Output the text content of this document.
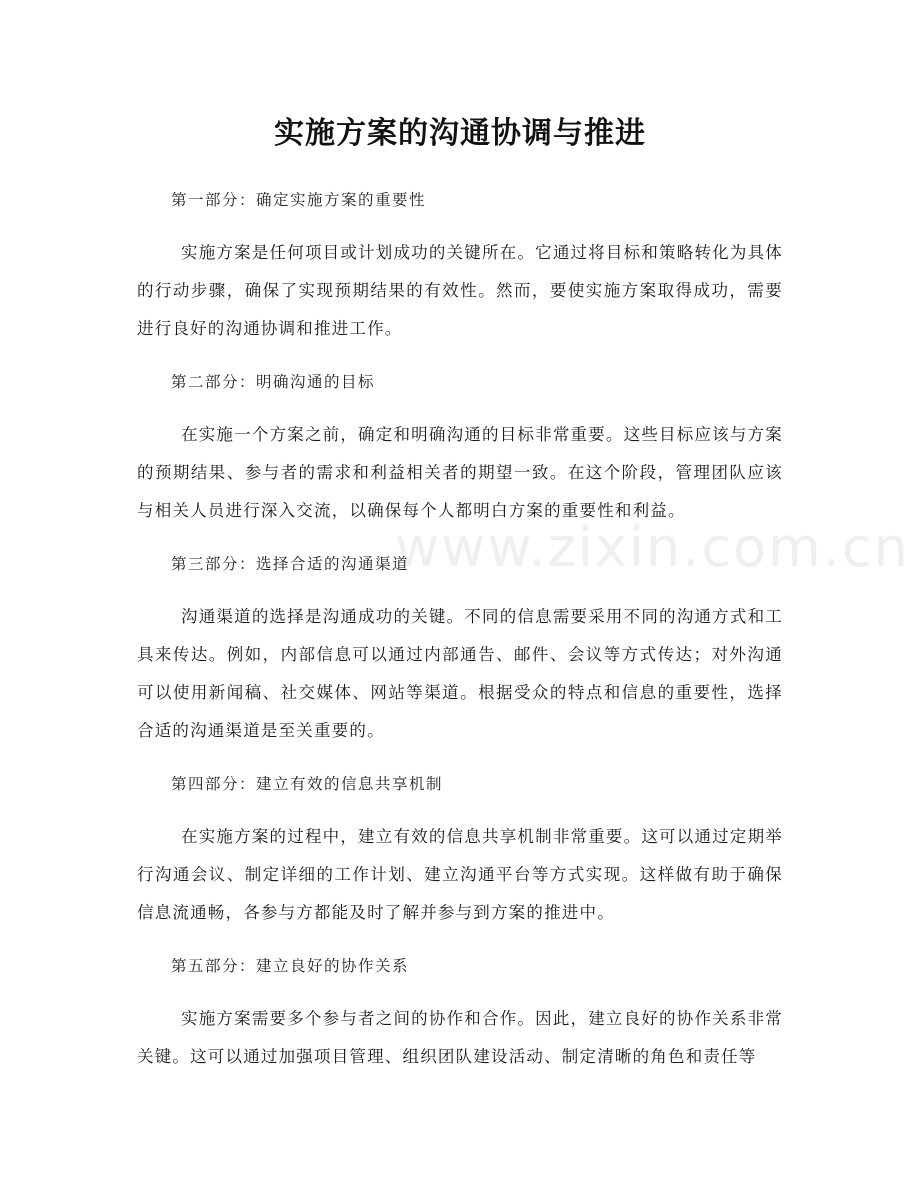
实施方案的沟通协调与推进
www.zixin.com.cn
第一部分：确定实施方案的重要性

实施方案是任何项目或计划成功的关键所在。它通过将目标和策略转化为具体的行动步骤，确保了实现预期结果的有效性。然而，要使实施方案取得成功，需要进行良好的沟通协调和推进工作。

第二部分：明确沟通的目标

在实施一个方案之前，确定和明确沟通的目标非常重要。这些目标应该与方案的预期结果、参与者的需求和利益相关者的期望一致。在这个阶段，管理团队应该与相关人员进行深入交流，以确保每个人都明白方案的重要性和利益。

第三部分：选择合适的沟通渠道

沟通渠道的选择是沟通成功的关键。不同的信息需要采用不同的沟通方式和工具来传达。例如，内部信息可以通过内部通告、邮件、会议等方式传达；对外沟通可以使用新闻稿、社交媒体、网站等渠道。根据受众的特点和信息的重要性，选择合适的沟通渠道是至关重要的。

第四部分：建立有效的信息共享机制

在实施方案的过程中，建立有效的信息共享机制非常重要。这可以通过定期举行沟通会议、制定详细的工作计划、建立沟通平台等方式实现。这样做有助于确保信息流通畅，各参与方都能及时了解并参与到方案的推进中。

第五部分：建立良好的协作关系

实施方案需要多个参与者之间的协作和合作。因此，建立良好的协作关系非常关键。这可以通过加强项目管理、组织团队建设活动、制定清晰的角色和责任等
